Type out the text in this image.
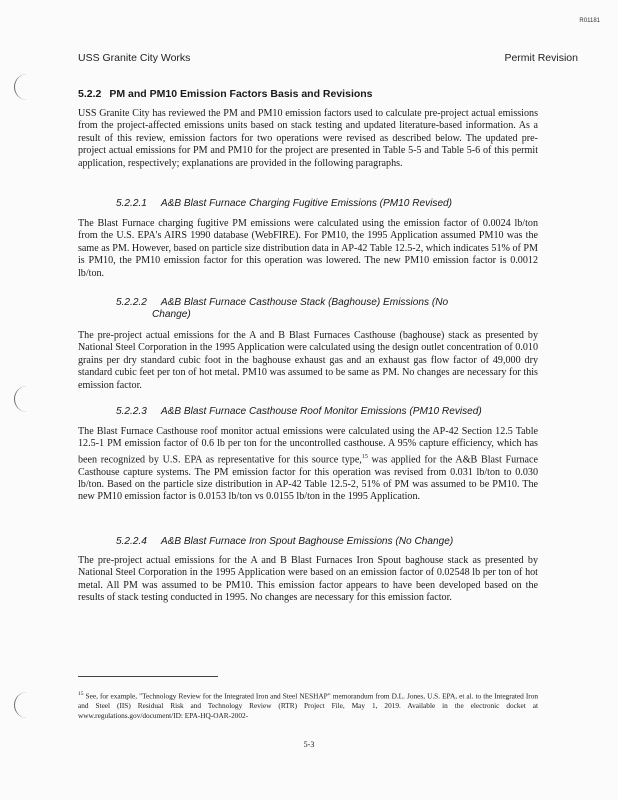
R01181
USS Granite City Works	Permit Revision
5.2.2 PM and PM10 Emission Factors Basis and Revisions
USS Granite City has reviewed the PM and PM10 emission factors used to calculate pre-project actual emissions from the project-affected emissions units based on stack testing and updated literature-based information. As a result of this review, emission factors for two operations were revised as described below. The updated pre-project actual emissions for PM and PM10 for the project are presented in Table 5-5 and Table 5-6 of this permit application, respectively; explanations are provided in the following paragraphs.
5.2.2.1 A&B Blast Furnace Charging Fugitive Emissions (PM10 Revised)
The Blast Furnace charging fugitive PM emissions were calculated using the emission factor of 0.0024 lb/ton from the U.S. EPA's AIRS 1990 database (WebFIRE). For PM10, the 1995 Application assumed PM10 was the same as PM. However, based on particle size distribution data in AP-42 Table 12.5-2, which indicates 51% of PM is PM10, the PM10 emission factor for this operation was lowered. The new PM10 emission factor is 0.0012 lb/ton.
5.2.2.2 A&B Blast Furnace Casthouse Stack (Baghouse) Emissions (No
Change)
The pre-project actual emissions for the A and B Blast Furnaces Casthouse (baghouse) stack as presented by National Steel Corporation in the 1995 Application were calculated using the design outlet concentration of 0.010 grains per dry standard cubic foot in the baghouse exhaust gas and an exhaust gas flow factor of 49,000 dry standard cubic feet per ton of hot metal. PM10 was assumed to be same as PM. No changes are necessary for this emission factor.
5.2.2.3 A&B Blast Furnace Casthouse Roof Monitor Emissions (PM10 Revised)
The Blast Furnace Casthouse roof monitor actual emissions were calculated using the AP-42 Section 12.5 Table 12.5-1 PM emission factor of 0.6 lb per ton for the uncontrolled casthouse. A 95% capture efficiency, which has been recognized by U.S. EPA as representative for this source type,$^{15}$ was applied for the A&B Blast Furnace Casthouse capture systems. The PM emission factor for this operation was revised from 0.031 lb/ton to 0.030 lb/ton. Based on the particle size distribution in AP-42 Table 12.5-2, 51% of PM was assumed to be PM10. The new PM10 emission factor is 0.0153 lb/ton vs 0.0155 lb/ton in the 1995 Application.
5.2.2.4 A&B Blast Furnace Iron Spout Baghouse Emissions (No Change)
The pre-project actual emissions for the A and B Blast Furnaces Iron Spout baghouse stack as presented by National Steel Corporation in the 1995 Application were based on an emission factor of 0.02548 lb per ton of hot metal. All PM was assumed to be PM10. This emission factor appears to have been developed based on the results of stack testing conducted in 1995. No changes are necessary for this emission factor.
$^{15}$ See, for example, "Technology Review for the Integrated Iron and Steel NESHAP" memorandum from D.L. Jones, U.S. EPA, et al. to the Integrated Iron and Steel (IIS) Residual Risk and Technology Review (RTR) Project File, May 1, 2019. Available in the electronic docket at www.regulations.gov/document/ID: EPA-HQ-OAR-2002-
5-3
